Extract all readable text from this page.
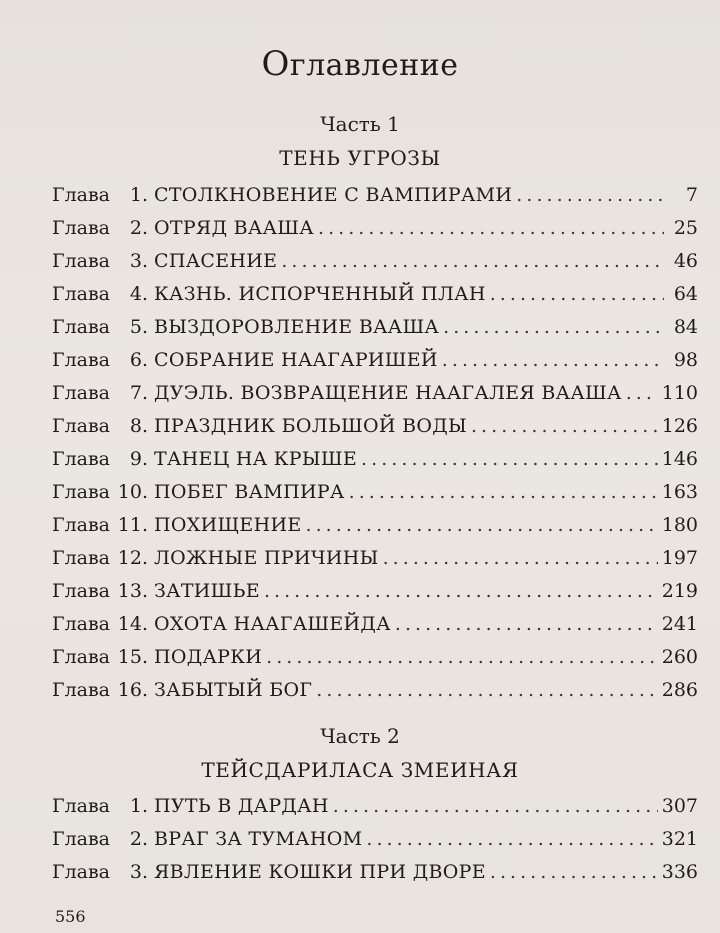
Оглавление
Часть 1
ТЕНЬ УГРОЗЫ
Глава	1. СТОЛКНОВЕНИЕ С ВАМПИРАМИ . . .	7
Глава	2. ОТРЯД ВААША . . .	25
Глава	3. СПАСЕНИЕ . . .	46
Глава	4. КАЗНЬ. ИСПОРЧЕННЫЙ ПЛАН . . .	64
Глава	5. ВЫЗДОРОВЛЕНИЕ ВААША . . .	84
Глава	6. СОБРАНИЕ НААГАРИШЕЙ . . .	98
Глава	7. ДУЭЛЬ. ВОЗВРАЩЕНИЕ НААГАЛЕЯ ВААША . . . 110
Глава	8. ПРАЗДНИК БОЛЬШОЙ ВОДЫ . . .	126
Глава	9. ТАНЕЦ НА КРЫШЕ . . .	146
Глава 10. ПОБЕГ ВАМПИРА . . .	163
Глава 11. ПОХИЩЕНИЕ . . .	180
Глава 12. ЛОЖНЫЕ ПРИЧИНЫ . . .	197
Глава 13. ЗАТИШЬЕ . . .	219
Глава 14. ОХОТА НААГАШЕЙДА . . .	241
Глава 15. ПОДАРКИ . . .	260
Глава 16. ЗАБЫТЫЙ БОГ . . .	286
Часть 2
ТЕЙСДАРИЛАСА ЗМЕИНАЯ
Глава	1. ПУТЬ В ДАРДАН . . .	307
Глава	2. ВРАГ ЗА ТУМАНОМ . . .	321
Глава	3. ЯВЛЕНИЕ КОШКИ ПРИ ДВОРЕ . . .	336
556
